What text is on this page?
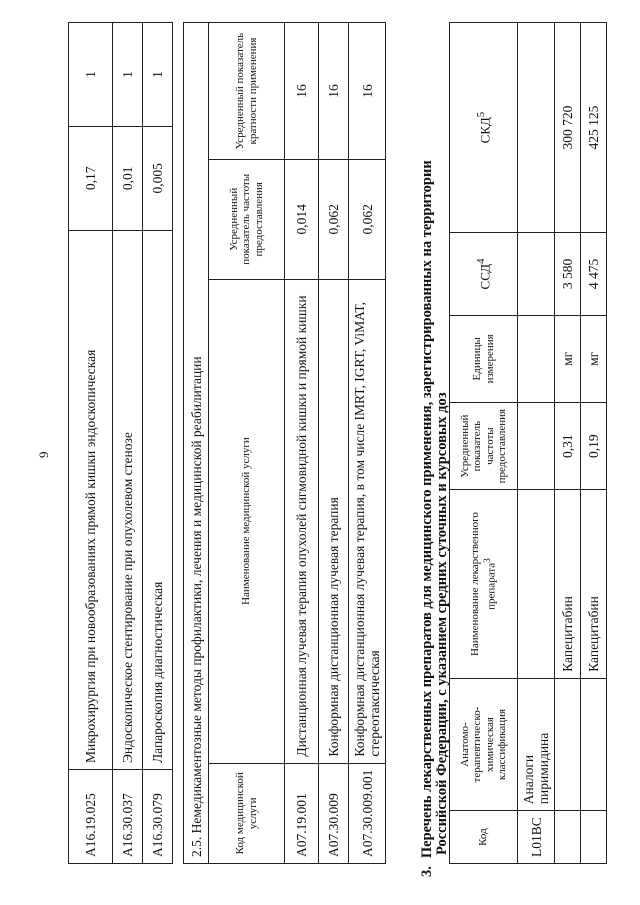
9
A16.19.025	Микрохирургия при новообразованиях прямой кишки эндоскопическая	0,17	1
A16.30.037	Эндоскопическое стентирование при опухолевом стенозе	0,01	1
A16.30.079	Лапароскопия диагностическая	0,005	1
2.5. Немедикаментозные методы профилактики, лечения и медицинской реабилитации			
Код медицинской услуги	Наименование медицинской услуги	Усредненный показатель частоты предоставления	Усредненный показатель кратности применения
A07.19.001	Дистанционная лучевая терапия опухолей сигмовидной кишки и прямой кишки	0,014	16
A07.30.009	Конформная дистанционная лучевая терапия	0,062	16
A07.30.009.001	Конформная дистанционная лучевая терапия, в том числе IMRT, IGRT, ViMAT, стереотаксическая	0,062	16
3.Перечень лекарственных препаратов для медицинского применения, зарегистрированных на территории Российской Федерации, с указанием средних суточных и курсовых доз Код	Анатомо-терапевтическо-химическая классификация	Наименование лекарственного препарата$^3$	Усредненный показатель частоты предоставления	Единицы измерения	ССД$^4$	СКД$^5$
L01BC	Аналоги пиримидина					
		Капецитабин	0,31	мг	3 580	300 720
		Капецитабин	0,19	мг	4 475	425 125
